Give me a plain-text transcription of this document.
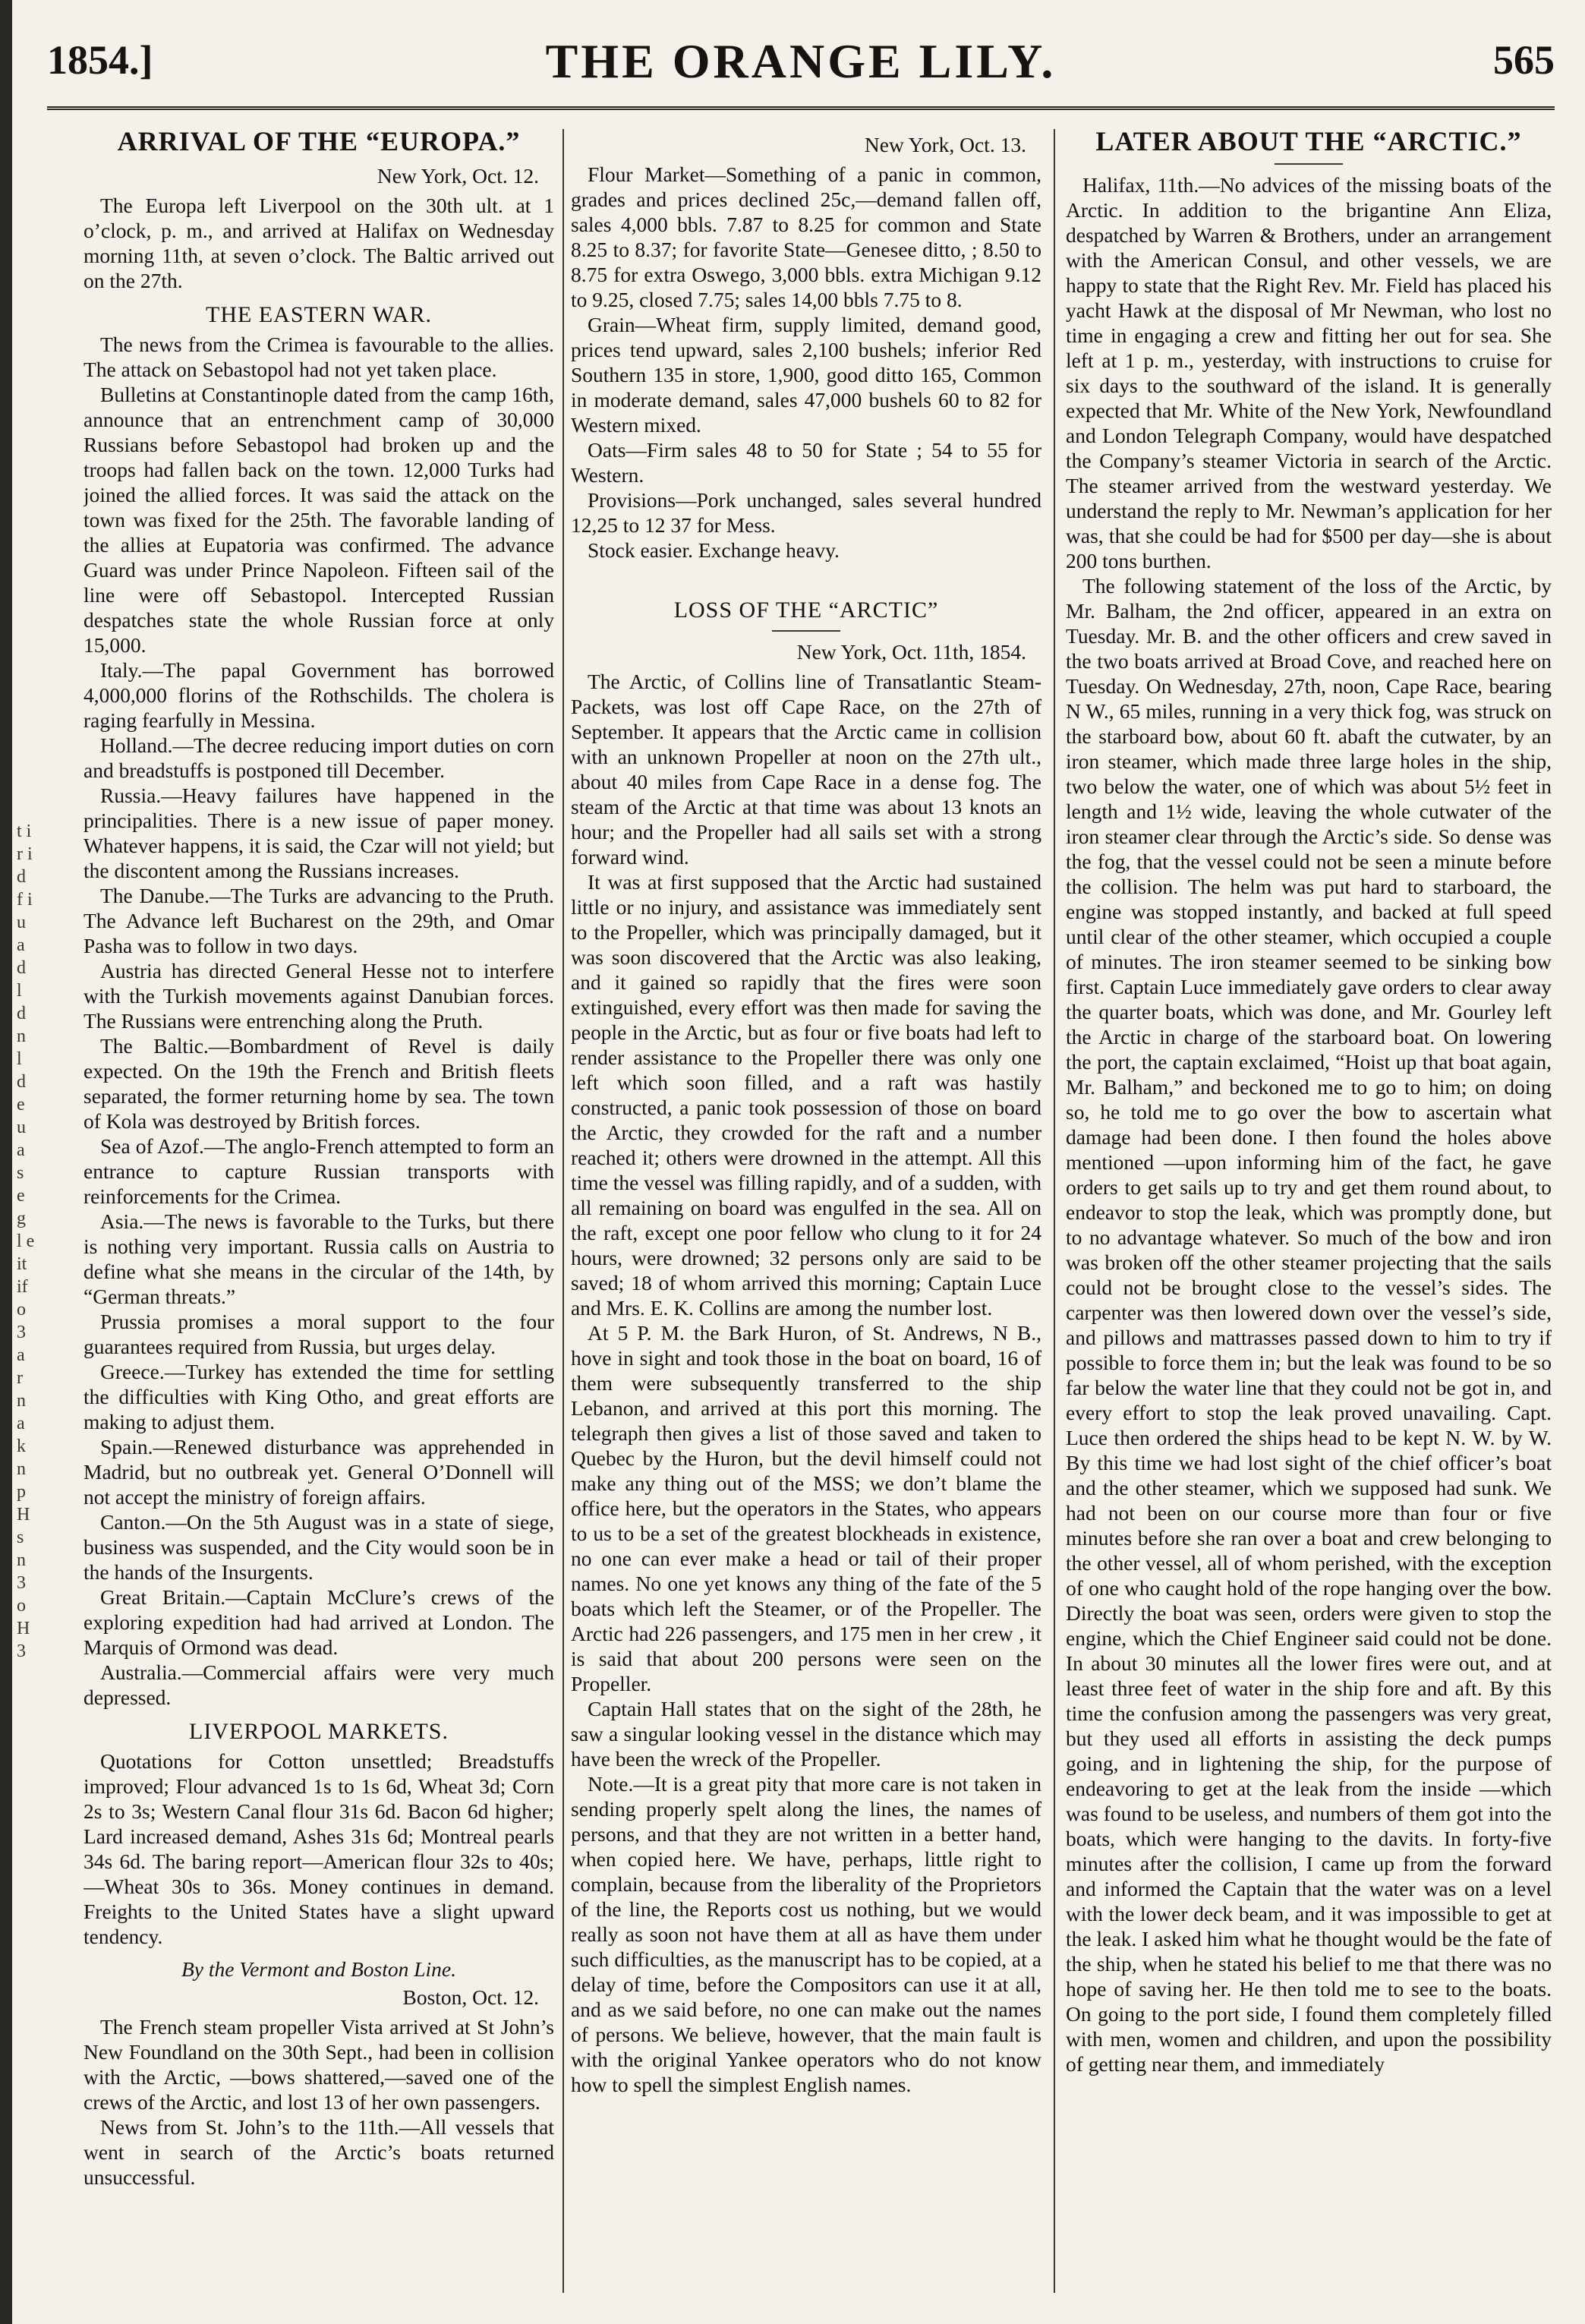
t i r i d f i u a d l d n l d e u a s e g l e it if o 3 a r n a k n p H s n 3 o H 3
1854.]	THE ORANGE LILY.	565
ARRIVAL OF THE “EUROPA.”
New York, Oct. 12.

The Europa left Liverpool on the 30th ult. at 1 o’clock, p. m., and arrived at Halifax on Wednesday morning 11th, at seven o’clock. The Baltic arrived out on the 27th.

THE EASTERN WAR.

The news from the Crimea is favourable to the allies. The attack on Sebastopol had not yet taken place.

Bulletins at Constantinople dated from the camp 16th, announce that an entrenchment camp of 30,000 Russians before Sebastopol had broken up and the troops had fallen back on the town. 12,000 Turks had joined the allied forces. It was said the attack on the town was fixed for the 25th. The favorable landing of the allies at Eupatoria was confirmed. The advance Guard was under Prince Napoleon. Fifteen sail of the line were off Sebastopol. Intercepted Russian despatches state the whole Russian force at only 15,000.

Italy.—The papal Government has borrowed 4,000,000 florins of the Rothschilds. The cholera is raging fearfully in Messina.

Holland.—The decree reducing import duties on corn and breadstuffs is postponed till December.

Russia.—Heavy failures have happened in the principalities. There is a new issue of paper money. Whatever happens, it is said, the Czar will not yield; but the discontent among the Russians increases.

The Danube.—The Turks are advancing to the Pruth. The Advance left Bucharest on the 29th, and Omar Pasha was to follow in two days.

Austria has directed General Hesse not to interfere with the Turkish movements against Danubian forces. The Russians were entrenching along the Pruth.

The Baltic.—Bombardment of Revel is daily expected. On the 19th the French and British fleets separated, the former returning home by sea. The town of Kola was destroyed by British forces.

Sea of Azof.—The anglo-French attempted to form an entrance to capture Russian transports with reinforcements for the Crimea.

Asia.—The news is favorable to the Turks, but there is nothing very important. Russia calls on Austria to define what she means in the circular of the 14th, by “German threats.”

Prussia promises a moral support to the four guarantees required from Russia, but urges delay.

Greece.—Turkey has extended the time for settling the difficulties with King Otho, and great efforts are making to adjust them.

Spain.—Renewed disturbance was apprehended in Madrid, but no outbreak yet. General O’Donnell will not accept the ministry of foreign affairs.

Canton.—On the 5th August was in a state of siege, business was suspended, and the City would soon be in the hands of the Insurgents.

Great Britain.—Captain McClure’s crews of the exploring expedition had had arrived at London. The Marquis of Ormond was dead.

Australia.—Commercial affairs were very much depressed.

LIVERPOOL MARKETS.

Quotations for Cotton unsettled; Breadstuffs improved; Flour advanced 1s to 1s 6d, Wheat 3d; Corn 2s to 3s; Western Canal flour 31s 6d. Bacon 6d higher; Lard increased demand, Ashes 31s 6d; Montreal pearls 34s 6d. The baring report—American flour 32s to 40s;—Wheat 30s to 36s. Money continues in demand. Freights to the United States have a slight upward tendency.

By the Vermont and Boston Line.
Boston, Oct. 12.

The French steam propeller Vista arrived at St John’s New Foundland on the 30th Sept., had been in collision with the Arctic, —bows shattered,—saved one of the crews of the Arctic, and lost 13 of her own passengers.

News from St. John’s to the 11th.—All vessels that went in search of the Arctic’s boats returned unsuccessful.

New York, Oct. 13.

Flour Market—Something of a panic in common, grades and prices declined 25c,—demand fallen off, sales 4,000 bbls. 7.87 to 8.25 for common and State 8.25 to 8.37; for favorite State—Genesee ditto, ; 8.50 to 8.75 for extra Oswego, 3,000 bbls. extra Michigan 9.12 to 9.25, closed 7.75; sales 14,00 bbls 7.75 to 8.

Grain—Wheat firm, supply limited, demand good, prices tend upward, sales 2,100 bushels; inferior Red Southern 135 in store, 1,900, good ditto 165, Common in moderate demand, sales 47,000 bushels 60 to 82 for Western mixed.

Oats—Firm sales 48 to 50 for State ; 54 to 55 for Western.

Provisions—Pork unchanged, sales several hundred 12,25 to 12 37 for Mess.

Stock easier. Exchange heavy.

LOSS OF THE “ARCTIC”
New York, Oct. 11th, 1854.

The Arctic, of Collins line of Transatlantic Steam-Packets, was lost off Cape Race, on the 27th of September. It appears that the Arctic came in collision with an unknown Propeller at noon on the 27th ult., about 40 miles from Cape Race in a dense fog. The steam of the Arctic at that time was about 13 knots an hour; and the Propeller had all sails set with a strong forward wind.

It was at first supposed that the Arctic had sustained little or no injury, and assistance was immediately sent to the Propeller, which was principally damaged, but it was soon discovered that the Arctic was also leaking, and it gained so rapidly that the fires were soon extinguished, every effort was then made for saving the people in the Arctic, but as four or five boats had left to render assistance to the Propeller there was only one left which soon filled, and a raft was hastily constructed, a panic took possession of those on board the Arctic, they crowded for the raft and a number reached it; others were drowned in the attempt. All this time the vessel was filling rapidly, and of a sudden, with all remaining on board was engulfed in the sea. All on the raft, except one poor fellow who clung to it for 24 hours, were drowned; 32 persons only are said to be saved; 18 of whom arrived this morning; Captain Luce and Mrs. E. K. Collins are among the number lost.

At 5 P. M. the Bark Huron, of St. Andrews, N B., hove in sight and took those in the boat on board, 16 of them were subsequently transferred to the ship Lebanon, and arrived at this port this morning. The telegraph then gives a list of those saved and taken to Quebec by the Huron, but the devil himself could not make any thing out of the MSS; we don’t blame the office here, but the operators in the States, who appears to us to be a set of the greatest blockheads in existence, no one can ever make a head or tail of their proper names. No one yet knows any thing of the fate of the 5 boats which left the Steamer, or of the Propeller. The Arctic had 226 passengers, and 175 men in her crew , it is said that about 200 persons were seen on the Propeller.

Captain Hall states that on the sight of the 28th, he saw a singular looking vessel in the distance which may have been the wreck of the Propeller.

Note.—It is a great pity that more care is not taken in sending properly spelt along the lines, the names of persons, and that they are not written in a better hand, when copied here. We have, perhaps, little right to complain, because from the liberality of the Proprietors of the line, the Reports cost us nothing, but we would really as soon not have them at all as have them under such difficulties, as the manuscript has to be copied, at a delay of time, before the Compositors can use it at all, and as we said before, no one can make out the names of persons. We believe, however, that the main fault is with the original Yankee operators who do not know how to spell the simplest English names.

LATER ABOUT THE “ARCTIC.”

Halifax, 11th.—No advices of the missing boats of the Arctic. In addition to the brigantine Ann Eliza, despatched by Warren & Brothers, under an arrangement with the American Consul, and other vessels, we are happy to state that the Right Rev. Mr. Field has placed his yacht Hawk at the disposal of Mr Newman, who lost no time in engaging a crew and fitting her out for sea. She left at 1 p. m., yesterday, with instructions to cruise for six days to the southward of the island. It is generally expected that Mr. White of the New York, Newfoundland and London Telegraph Company, would have despatched the Company’s steamer Victoria in search of the Arctic. The steamer arrived from the westward yesterday. We understand the reply to Mr. Newman’s application for her was, that she could be had for $500 per day—she is about 200 tons burthen.

The following statement of the loss of the Arctic, by Mr. Balham, the 2nd officer, appeared in an extra on Tuesday. Mr. B. and the other officers and crew saved in the two boats arrived at Broad Cove, and reached here on Tuesday. On Wednesday, 27th, noon, Cape Race, bearing N W., 65 miles, running in a very thick fog, was struck on the starboard bow, about 60 ft. abaft the cutwater, by an iron steamer, which made three large holes in the ship, two below the water, one of which was about 5½ feet in length and 1½ wide, leaving the whole cutwater of the iron steamer clear through the Arctic’s side. So dense was the fog, that the vessel could not be seen a minute before the collision. The helm was put hard to starboard, the engine was stopped instantly, and backed at full speed until clear of the other steamer, which occupied a couple of minutes. The iron steamer seemed to be sinking bow first. Captain Luce immediately gave orders to clear away the quarter boats, which was done, and Mr. Gourley left the Arctic in charge of the starboard boat. On lowering the port, the captain exclaimed, “Hoist up that boat again, Mr. Balham,” and beckoned me to go to him; on doing so, he told me to go over the bow to ascertain what damage had been done. I then found the holes above mentioned —upon informing him of the fact, he gave orders to get sails up to try and get them round about, to endeavor to stop the leak, which was promptly done, but to no advantage whatever. So much of the bow and iron was broken off the other steamer projecting that the sails could not be brought close to the vessel’s sides. The carpenter was then lowered down over the vessel’s side, and pillows and mattrasses passed down to him to try if possible to force them in; but the leak was found to be so far below the water line that they could not be got in, and every effort to stop the leak proved unavailing. Capt. Luce then ordered the ships head to be kept N. W. by W. By this time we had lost sight of the chief officer’s boat and the other steamer, which we supposed had sunk. We had not been on our course more than four or five minutes before she ran over a boat and crew belonging to the other vessel, all of whom perished, with the exception of one who caught hold of the rope hanging over the bow. Directly the boat was seen, orders were given to stop the engine, which the Chief Engineer said could not be done. In about 30 minutes all the lower fires were out, and at least three feet of water in the ship fore and aft. By this time the confusion among the passengers was very great, but they used all efforts in assisting the deck pumps going, and in lightening the ship, for the purpose of endeavoring to get at the leak from the inside —which was found to be useless, and numbers of them got into the boats, which were hanging to the davits. In forty-five minutes after the collision, I came up from the forward and informed the Captain that the water was on a level with the lower deck beam, and it was impossible to get at the leak. I asked him what he thought would be the fate of the ship, when he stated his belief to me that there was no hope of saving her. He then told me to see to the boats. On going to the port side, I found them completely filled with men, women and children, and upon the possibility of getting near them, and immediately
